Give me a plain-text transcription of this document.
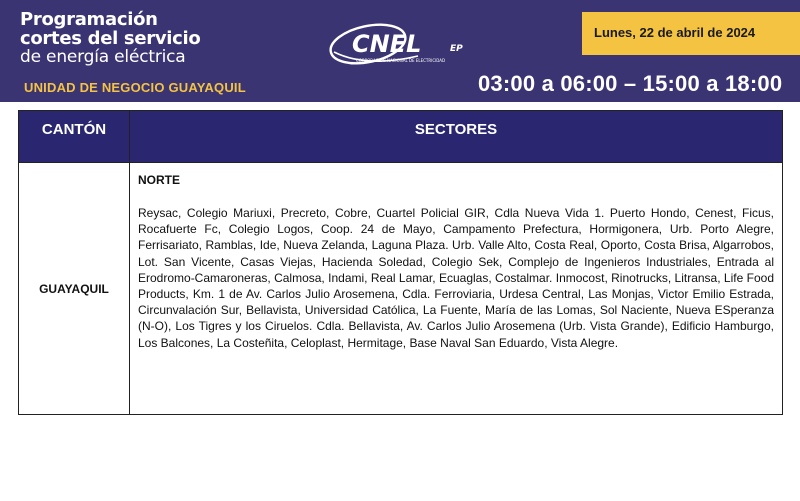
Programación
cortes del servicio
de energía eléctrica
UNIDAD DE NEGOCIO GUAYAQUIL
CNEL	EP
CORPORACIÓN NACIONAL DE ELECTRICIDAD
Lunes, 22 de abril de 2024
03:00 a 06:00 – 15:00 a 18:00
CANTÓN	SECTORES
GUAYAQUIL	NORTE

Reysac, Colegio Mariuxi, Precreto, Cobre, Cuartel Policial GIR, Cdla Nueva Vida 1. Puerto Hondo, Cenest, Ficus, Rocafuerte Fc, Colegio Logos, Coop. 24 de Mayo, Campamento Prefectura, Hormigonera, Urb. Porto Alegre, Ferrisariato, Ramblas, Ide, Nueva Zelanda, Laguna Plaza. Urb. Valle Alto, Costa Real, Oporto, Costa Brisa, Algarrobos, Lot. San Vicente, Casas Viejas, Hacienda Soledad, Colegio Sek, Complejo de Ingenieros Industriales, Entrada al Erodromo-Camaroneras, Calmosa, Indami, Real Lamar, Ecuaglas, Costalmar. Inmocost, Rinotrucks, Litransa, Life Food Products, Km. 1 de Av. Carlos Julio Arosemena, Cdla. Ferroviaria, Urdesa Central, Las Monjas, Victor Emilio Estrada, Circunvalación Sur, Bellavista, Universidad Católica, La Fuente, María de las Lomas, Sol Naciente, Nueva ESperanza (N-O), Los Tigres y los Ciruelos. Cdla. Bellavista, Av. Carlos Julio Arosemena (Urb. Vista Grande), Edificio Hamburgo, Los Balcones, La Costeñita, Celoplast, Hermitage, Base Naval San Eduardo, Vista Alegre.
